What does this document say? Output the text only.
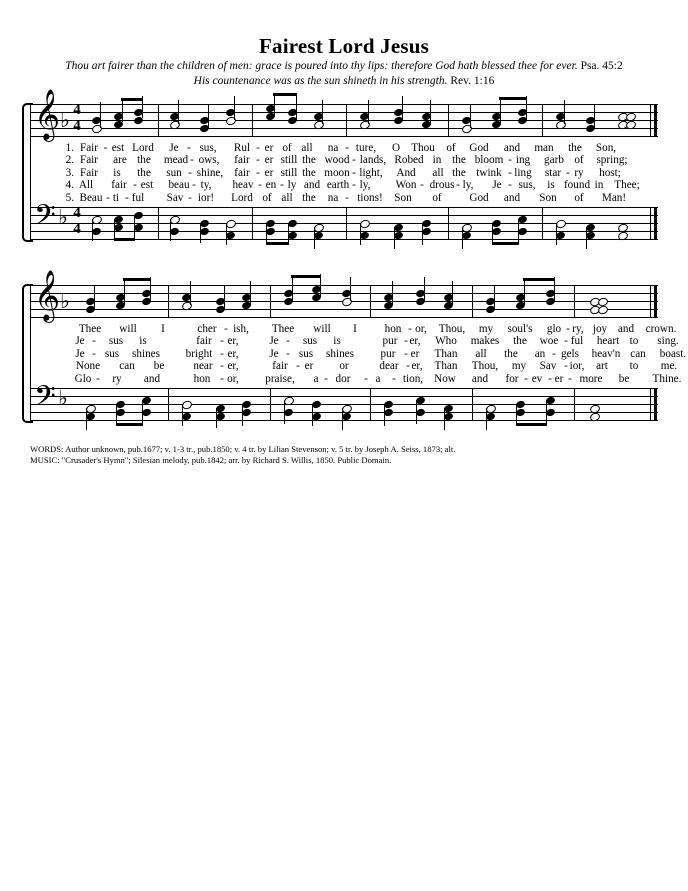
Fairest Lord Jesus
Thou art fairer than the children of men: grace is poured into thy lips: therefore God hath blessed thee for ever. Psa. 45:2
His countenance was as the sun shineth in his strength. Rev. 1:16
𝄞 ♭ 4
4
1. Fair - est Lord	Je - sus,	Rul - er of all	na - ture,	O Thou of God	and	man	the	Son,
2. Fair	are the	mead - ows,	fair - er still the wood - lands, Robed in the bloom - ing	garb of	spring;
3. Fair	is	the	sun - shine, fair - er still the moon - light, And all the twink - ling star - ry host;
4. All	fair - est	beau - ty,	heav - en - ly and earth - ly,	Won - drous - ly,	Je - sus,	is found in Thee;
5. Beau - ti - ful Sav - ior!	Lord of all the	na - tions!	Son of God	and	Son of Man!
𝄢 ♭ 4
4
𝄞 ♭
Thee	will	I	cher - ish,	Thee	will	I	hon - or,	Thou,	my	soul's	glo - ry, joy and	crown.
Je -	sus	is	fair - er,	Je -	sus	is	pur - er,	Who	makes	the	woe - ful	heart to	sing.
Je - sus	shines	bright - er,	Je - sus	shines	pur - er	Than	all	the	an - gels	heav'n can	boast.
None	can	be	near - er,	fair - er or	dear - er,	Than	Thou,	my	Sav - ior,	art	to	me.
Glo - ry	and	hon - or,	praise,	a - dor	- a	- tion, Now	and	for - ev - er - more	be	Thine.
𝄢 ♭
WORDS: Author unknown, pub.1677; v. 1-3 tr., pub.1850; v. 4 tr. by Lilian Stevenson; v. 5 tr. by Joseph A. Seiss, 1873; alt.
MUSIC: "Crusader's Hymn"; Silesian melody, pub.1842; arr. by Richard S. Willis, 1850. Public Domain.
